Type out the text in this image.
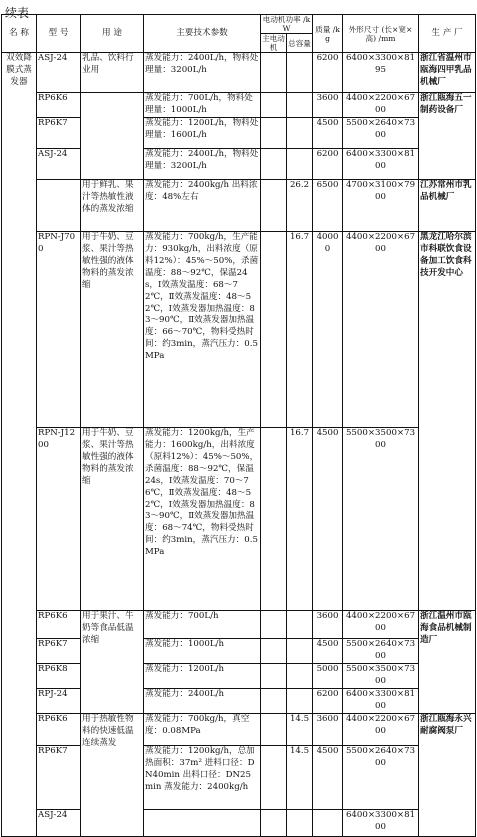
续表
名 称	型 号	用 途	主要技术参数	电动机功率 /kW		质量 /kg	外形尺寸 (长×宽×高) /mm	生 产 厂
				主电动机	总容量			
双效降膜式蒸发器	ASJ-24	乳品、饮料行业用	蒸发能力：2400L/h，物料处理量：3200L/h			6200	6400×3300×8195	浙江省温州市瓯海四甲乳品机械厂
	RP6K6		蒸发能力：700L/h，物料处理量：1000L/h			3600	4400×2200×6700	浙江瓯海五一制药设备厂
	RP6K7		蒸发能力：1200L/h，物料处理量：1600L/h			4500	5500×2640×7300	
	ASJ-24		蒸发能力：2400L/h，物料处理量：3200L/h			6200	6400×3300×8100	
		用于鲜乳、果汁等热敏性液体的蒸发浓缩	蒸发能力：2400kg/h 出料浓度：48%左右		26.2	6500	4700×3100×7900	江苏常州市乳品机械厂
	RPN-J700	用于牛奶、豆浆、果汁等热敏性强的液体物料的蒸发浓缩	蒸发能力：700kg/h，生产能力：930kg/h，出料浓度（原料12%）：45%～50%，杀菌温度：88～92℃，保温24s，Ⅰ效蒸发温度：68～72℃，Ⅱ效蒸发温度：48～52℃，Ⅰ效蒸发器加热温度：83～90℃，Ⅱ效蒸发器加热温度：66～70℃，物料受热时间：约3min，蒸汽压力：0.5MPa		16.7	40000	4400×2200×6700	黑龙江哈尔滨市科联饮食设备加工饮食科技开发中心
	RPN-J1200	用于牛奶、豆浆、果汁等热敏性强的液体物料的蒸发浓缩	蒸发能力：1200kg/h，生产能力：1600kg/h，出料浓度（原料12%）：45%～50%，杀菌温度：88～92℃，保温24s，Ⅰ效蒸发温度：70～76℃，Ⅱ效蒸发温度：48～52℃，Ⅰ效蒸发器加热温度：83～90℃，Ⅱ效蒸发器加热温度：68～74℃，物料受热时间：约3min，蒸汽压力：0.5MPa		16.7	4500	5500×3500×7300	
	RP6K6	用于果汁、牛奶等食品低温浓缩	蒸发能力：700L/h			3600	4400×2200×6700	浙江温州市瓯海食品机械制造厂
	RP6K7		蒸发能力：1000L/h			4500	5500×2640×7300	
	RP6K8		蒸发能力：1200L/h			5000	5500×3500×7300	
	RPJ-24		蒸发能力：2400L/h			6200	6400×3300×8100	
	RP6K6	用于热敏性物料的快速低温连续蒸发	蒸发能力：700kg/h，真空度：0.08MPa		14.5	3600	4400×2200×6700	浙江瓯海永兴耐腐阀泵厂
	RP6K7		蒸发能力：1200kg/h，总加热面积：37m² 进料口径：DN40min 出料口径：DN25min 蒸发能力：2400kg/h		14.5	4500	5500×2640×7300	
	ASJ-24						6400×3300×8100	
